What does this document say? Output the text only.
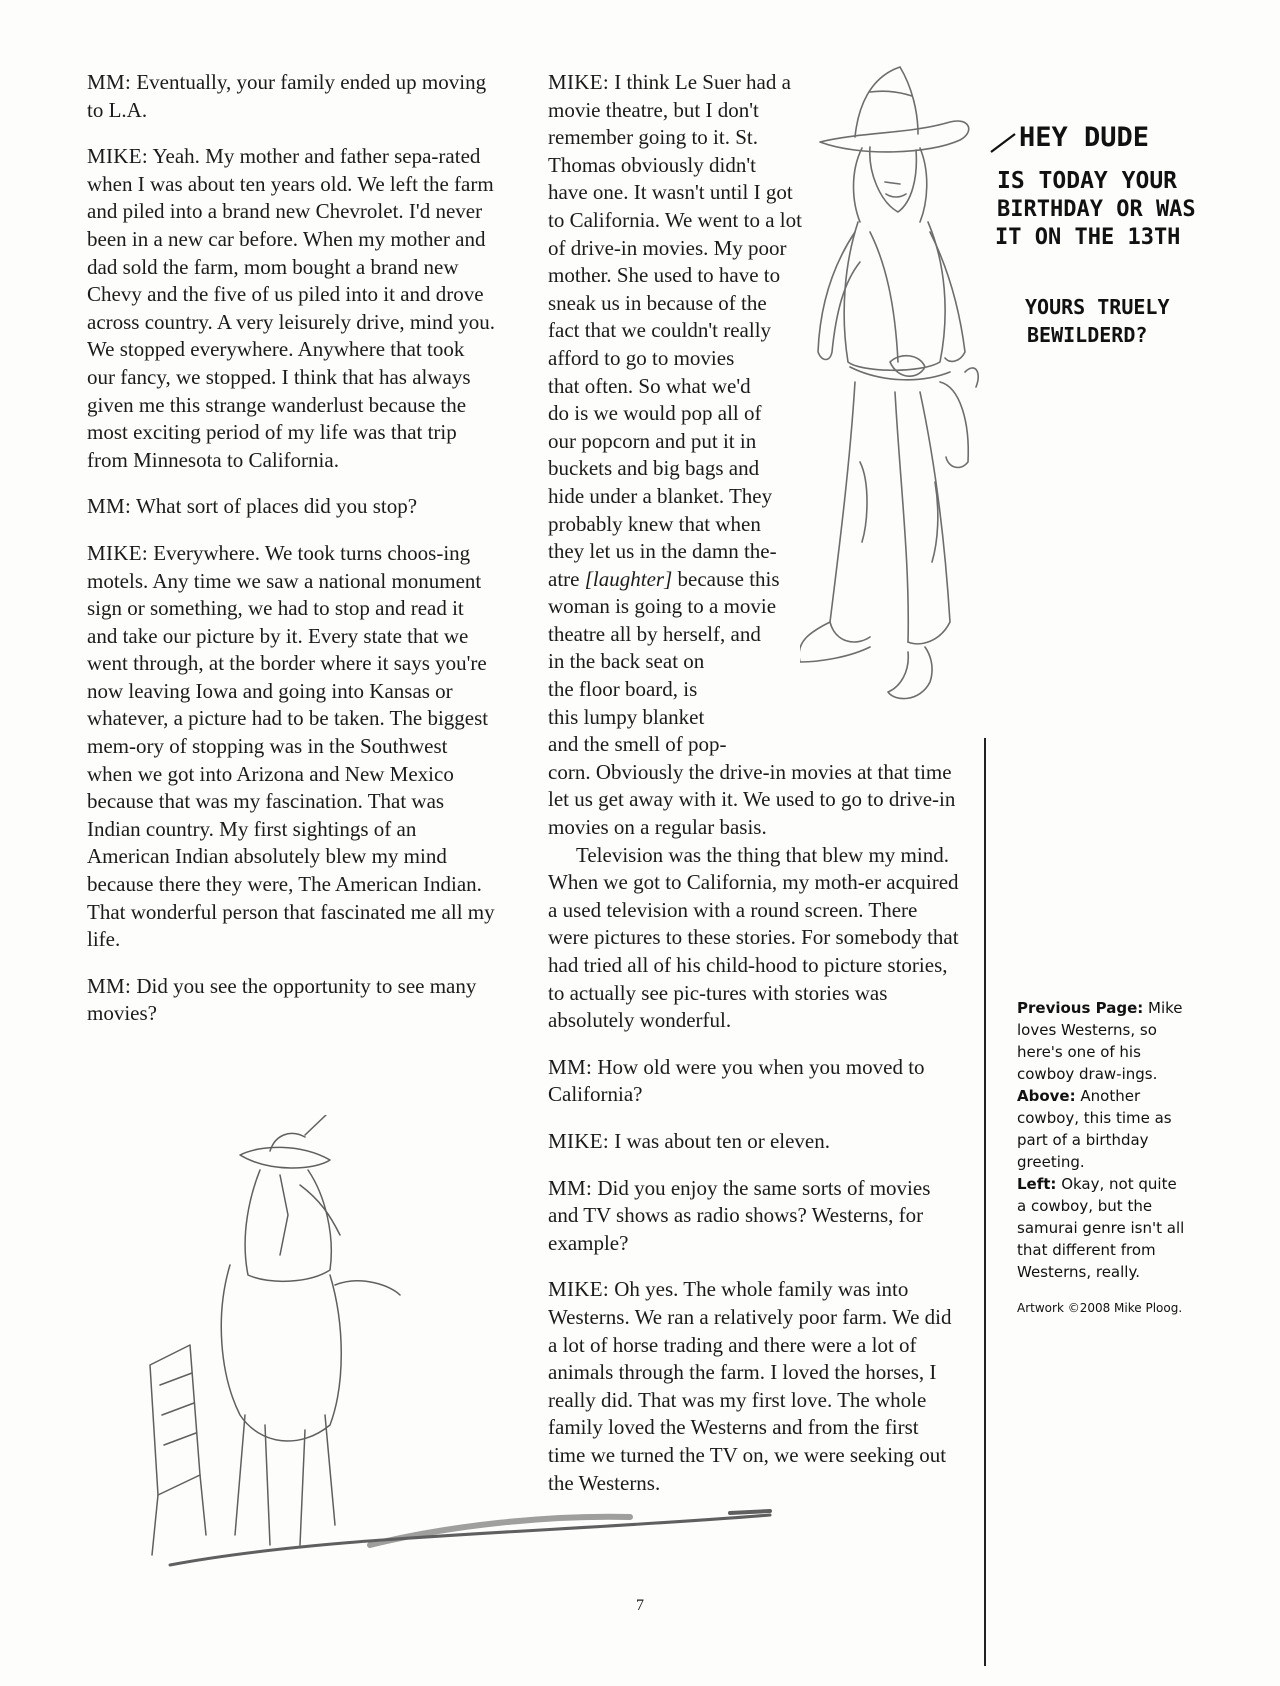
MM: Eventually, your family ended up moving to L.A.

MIKE: Yeah. My mother and father sepa-rated when I was about ten years old. We left the farm and piled into a brand new Chevrolet. I'd never been in a new car before. When my mother and dad sold the farm, mom bought a brand new Chevy and the five of us piled into it and drove across country. A very leisurely drive, mind you. We stopped everywhere. Anywhere that took our fancy, we stopped. I think that has always given me this strange wanderlust because the most exciting period of my life was that trip from Minnesota to California.

MM: What sort of places did you stop?

MIKE: Everywhere. We took turns choos-ing motels. Any time we saw a national monument sign or something, we had to stop and read it and take our picture by it. Every state that we went through, at the border where it says you're now leaving Iowa and going into Kansas or whatever, a picture had to be taken. The biggest mem-ory of stopping was in the Southwest when we got into Arizona and New Mexico because that was my fascination. That was Indian country. My first sightings of an American Indian absolutely blew my mind because there they were, The American Indian. That wonderful person that fascinated me all my life.

MM: Did you see the opportunity to see many movies?

MIKE: I think Le Suer had a
movie theatre, but I don't
remember going to it. St.
Thomas obviously didn't
have one. It wasn't until I got
to California. We went to a lot
of drive-in movies. My poor
mother. She used to have to
sneak us in because of the
fact that we couldn't really
afford to go to movies
that often. So what we'd
do is we would pop all of
our popcorn and put it in
buckets and big bags and
hide under a blanket. They
probably knew that when
they let us in the damn the-
atre [laughter] because this
woman is going to a movie
theatre all by herself, and
in the back seat on
the floor board, is
this lumpy blanket
and the smell of pop-

corn. Obviously the drive-in movies at that time let us get away with it. We used to go to drive-in movies on a regular basis.

Television was the thing that blew my mind. When we got to California, my moth-er acquired a used television with a round screen. There were pictures to these stories. For somebody that had tried all of his child-hood to picture stories, to actually see pic-tures with stories was absolutely wonderful.

MM: How old were you when you moved to California?

MIKE: I was about ten or eleven.

MM: Did you enjoy the same sorts of movies and TV shows as radio shows? Westerns, for example?

MIKE: Oh yes. The whole family was into Westerns. We ran a relatively poor farm. We did a lot of horse trading and there were a lot of animals through the farm. I loved the horses, I really did. That was my first love. The whole family loved the Westerns and from the first time we turned the TV on, we were seeking out the Westerns.

HEY DUDE
IS TODAY YOUR
BIRTHDAY OR WAS
IT ON THE 13TH
YOURS TRUELY
BEWILDERD?
Previous Page: Mike loves Westerns, so here's one of his cowboy draw-ings.
Above: Another cowboy, this time as part of a birthday greeting.
Left: Okay, not quite a cowboy, but the samurai genre isn't all that different from Westerns, really.
Artwork ©2008 Mike Ploog.
7
